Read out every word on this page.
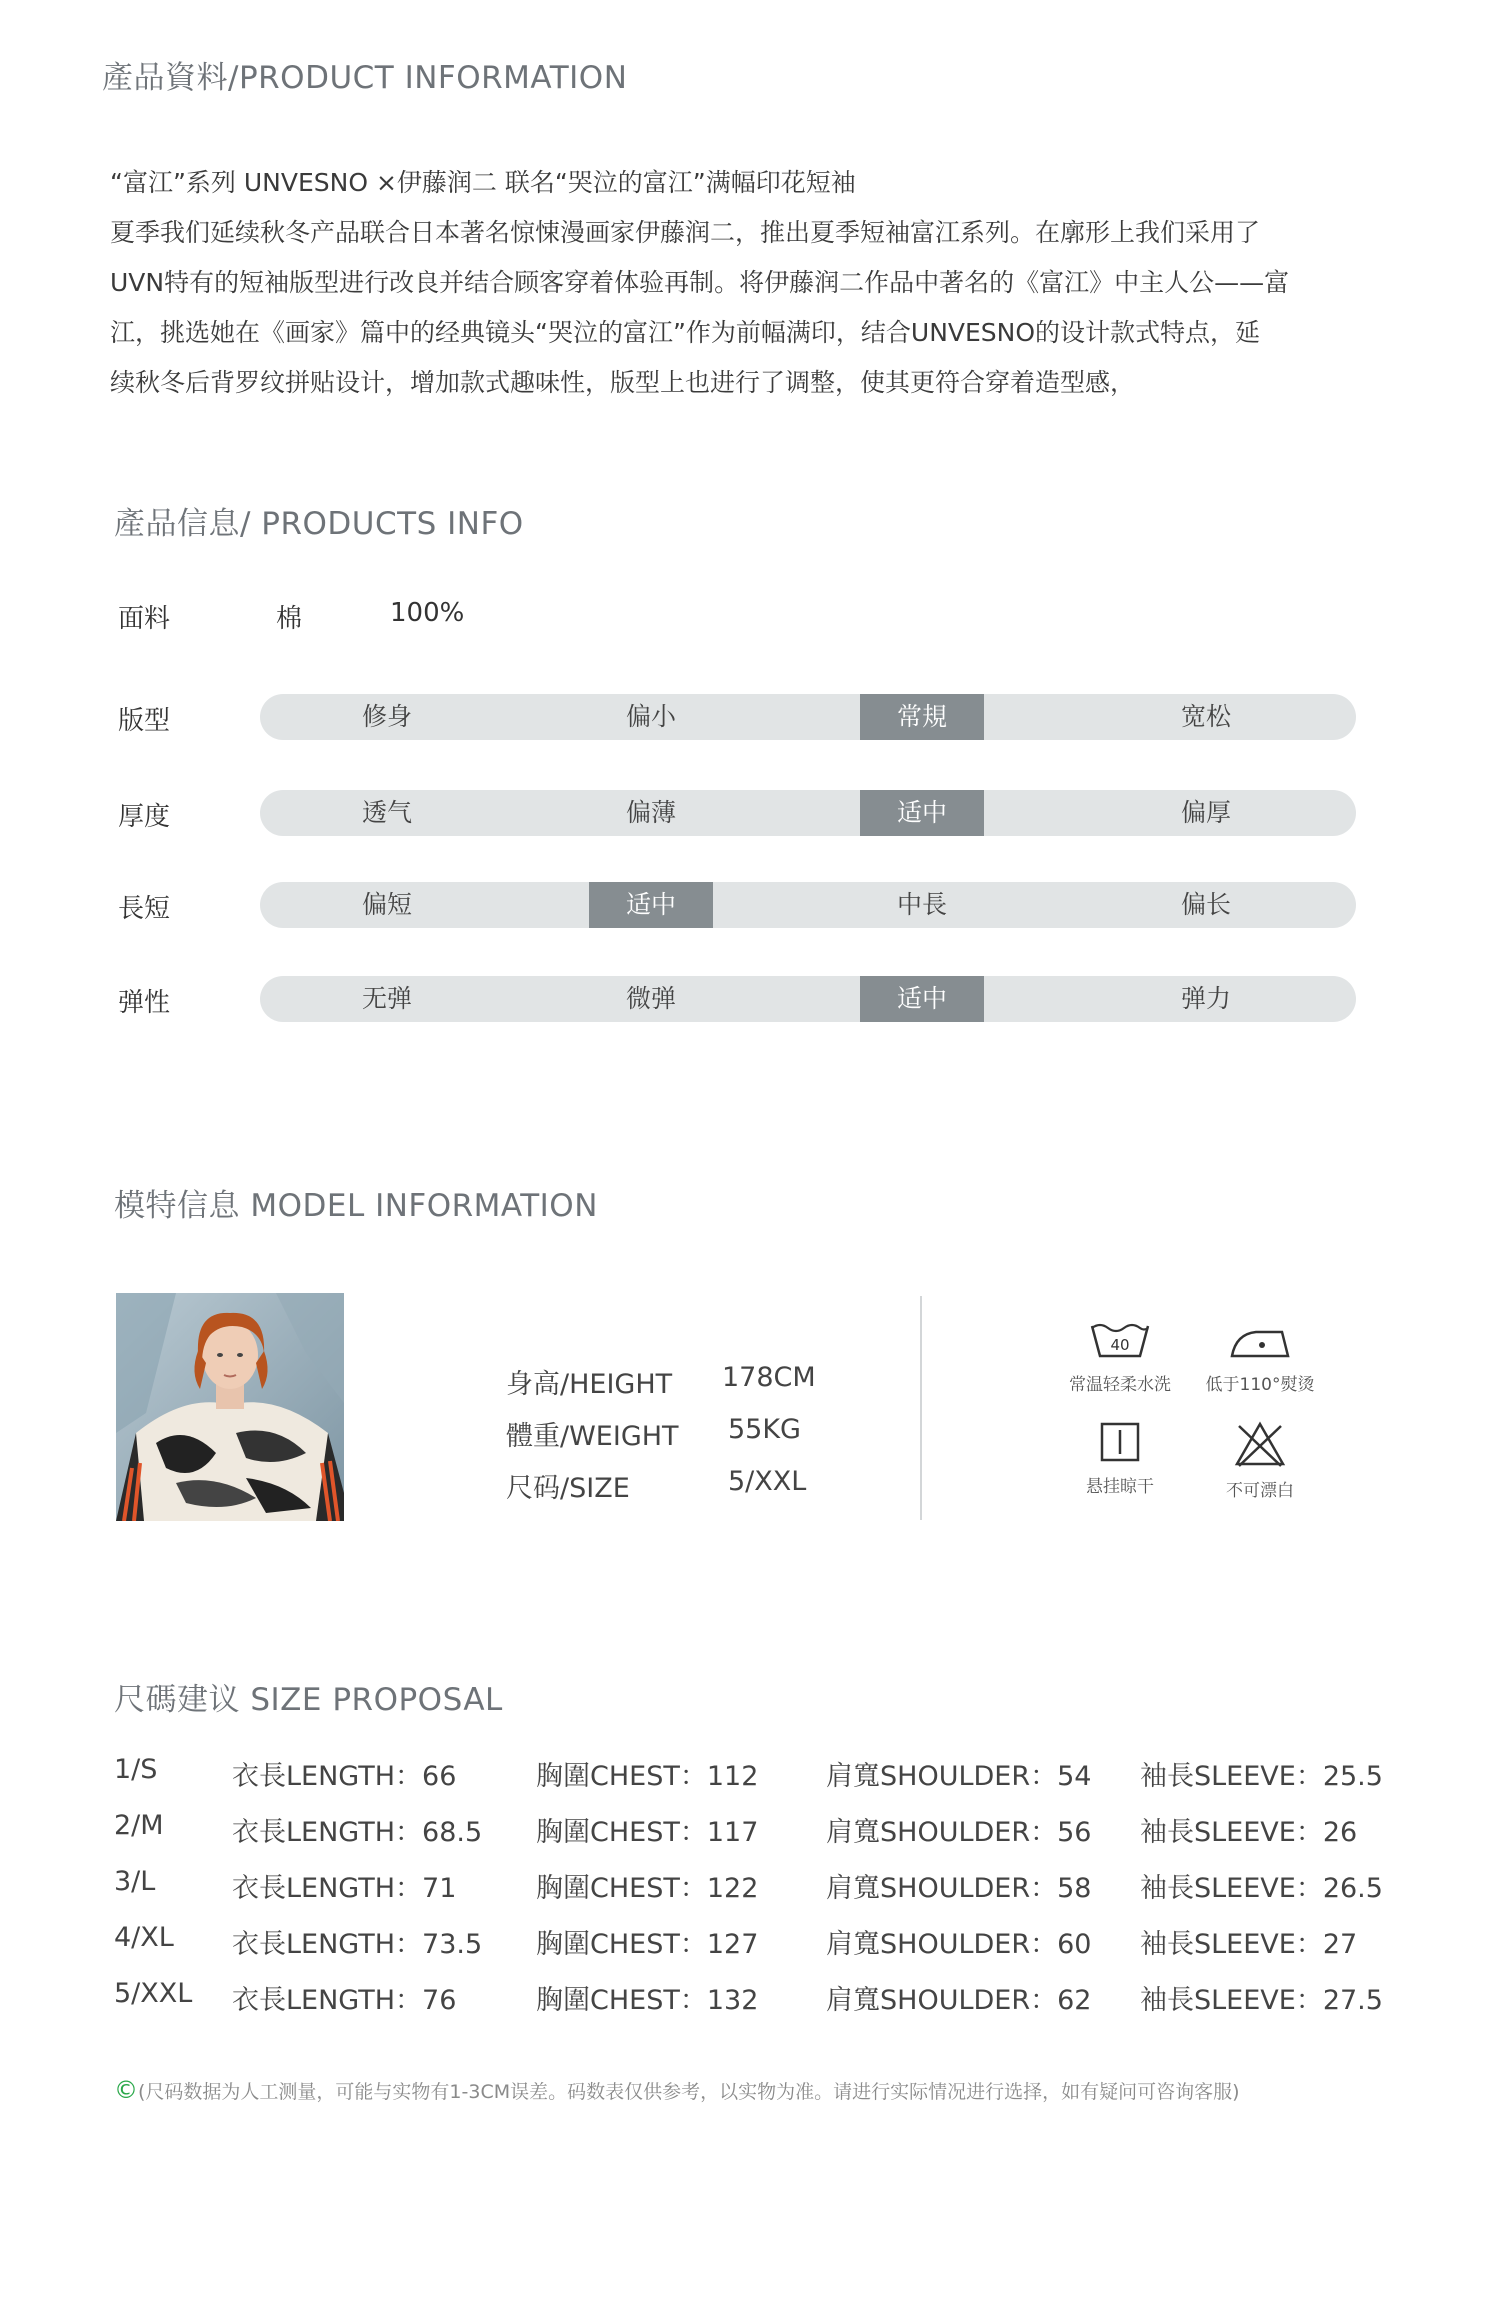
產品資料/PRODUCT INFORMATION

“富江”系列 UNVESNO ×伊藤润二 联名“哭泣的富江”满幅印花短袖

夏季我们延续秋冬产品联合日本著名惊悚漫画家伊藤润二，推出夏季短袖富江系列。在廓形上我们采用了

UVN特有的短袖版型进行改良并结合顾客穿着体验再制。将伊藤润二作品中著名的《富江》中主人公——富

江，挑选她在《画家》篇中的经典镜头“哭泣的富江”作为前幅满印，结合UNVESNO的设计款式特点，延

续秋冬后背罗纹拼贴设计，增加款式趣味性，版型上也进行了调整，使其更符合穿着造型感，

產品信息/ PRODUCTS INFO
面料	棉	100%
版型	修身	偏小	常規	宽松
厚度	透气	偏薄	适中	偏厚
長短	偏短	适中	中長	偏长
弹性	无弹	微弹	适中	弹力
模特信息 MODEL INFORMATION
身高/HEIGHT 178CM
體重/WEIGHT 55KG
尺码/SIZE	5/XXL
40
常温轻柔水洗	低于110°熨烫
悬挂晾干	不可漂白
尺碼建议 SIZE PROPOSAL
1/S	衣長LENGTH：66	胸圍CHEST：112	肩寬SHOULDER：54 袖長SLEEVE：25.5
2/M	衣長LENGTH：68.5 胸圍CHEST：117	肩寬SHOULDER：56 袖長SLEEVE：26
3/L	衣長LENGTH：71	胸圍CHEST：122	肩寬SHOULDER：58 袖長SLEEVE：26.5
4/XL 衣長LENGTH：73.5 胸圍CHEST：127	肩寬SHOULDER：60 袖長SLEEVE：27
5/XXL 衣長LENGTH：76	胸圍CHEST：132	肩寬SHOULDER：62 袖長SLEEVE：27.5
©(尺码数据为人工测量，可能与实物有1-3CM误差。码数表仅供参考，以实物为准。请进行实际情况进行选择，如有疑问可咨询客服)
